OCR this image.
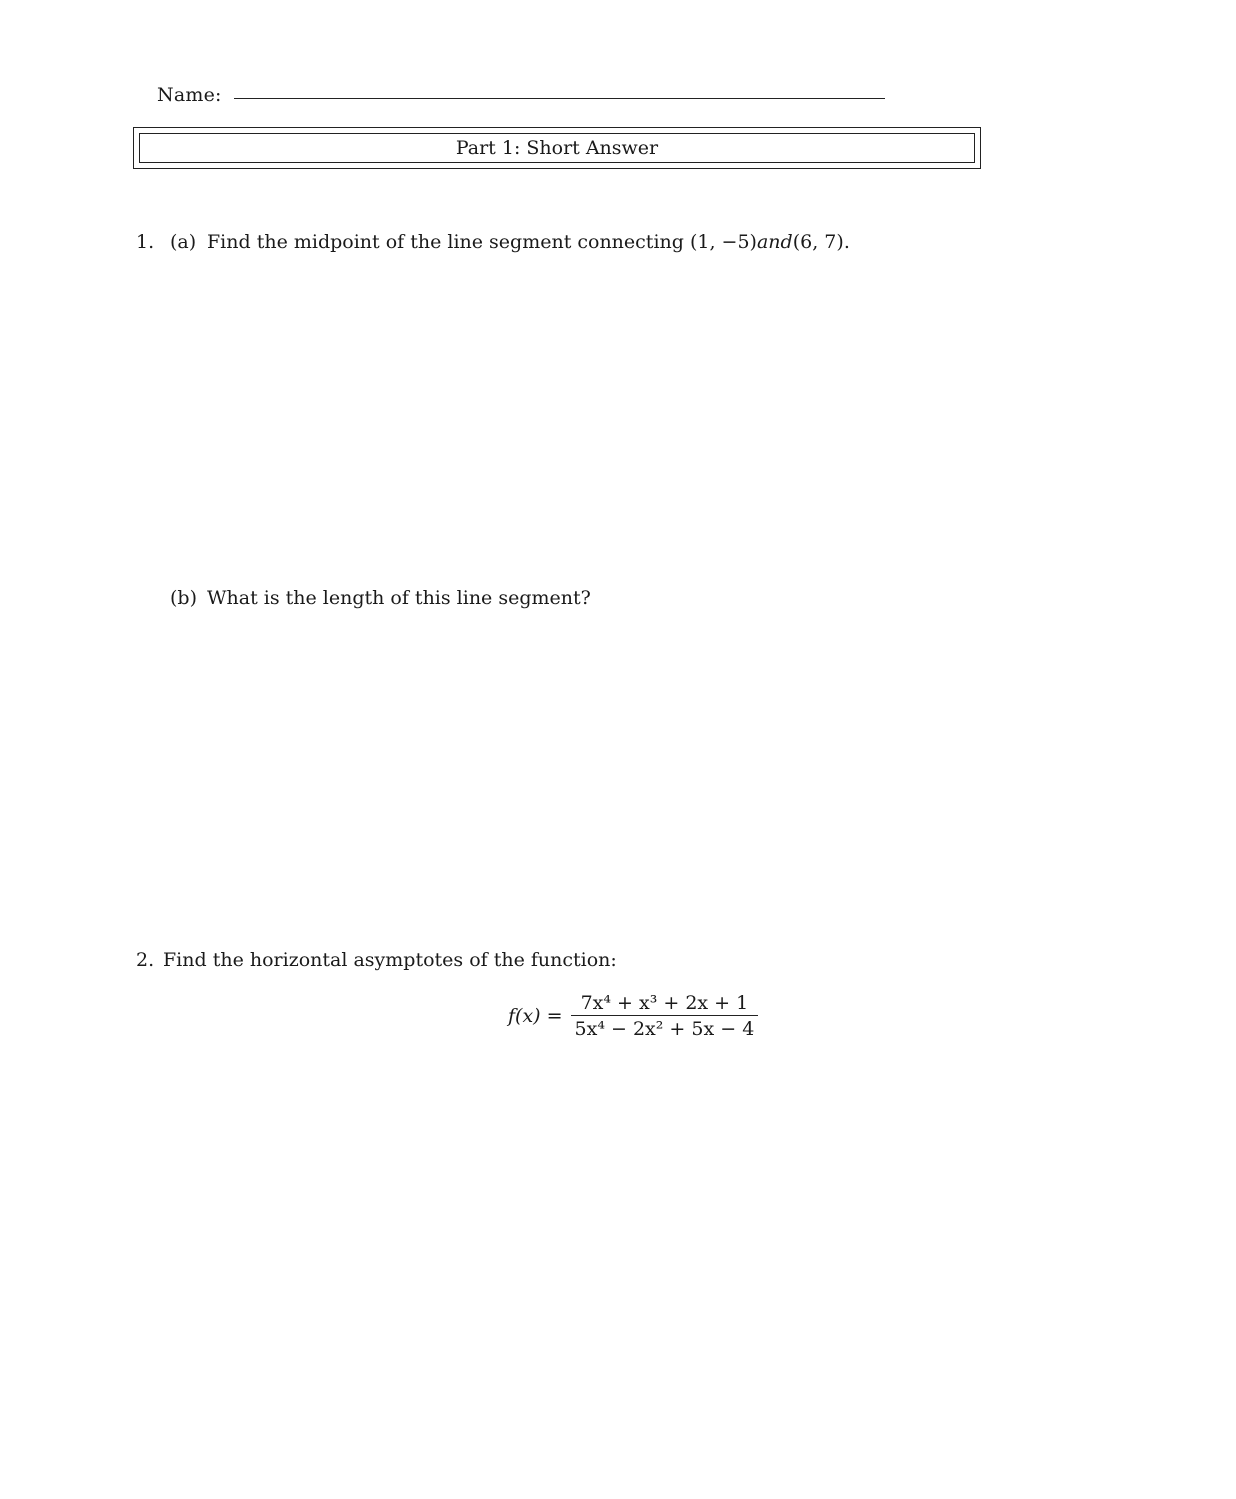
Name:
Part 1: Short Answer
1. (a) Find the midpoint of the line segment connecting (1, −5)and(6, 7).
(b) What is the length of this line segment?
2. Find the horizontal asymptotes of the function:
$f(x) = \frac{\text{7x⁴ + x³ + 2x + 1}}{\text{5x⁴ − 2x² + 5x − 4}}$
